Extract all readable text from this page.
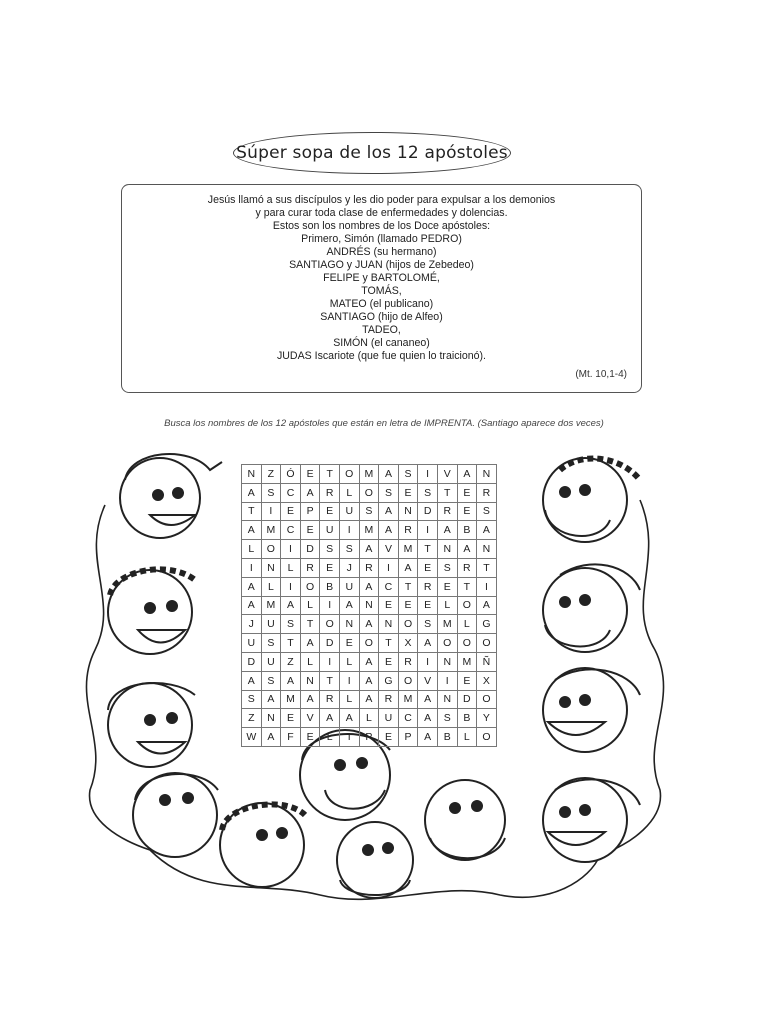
Súper sopa de los 12 apóstoles
Jesús llamó a sus discípulos y les dio poder para expulsar a los demonios
y para curar toda clase de enfermedades y dolencias.
Estos son los nombres de los Doce apóstoles:
Primero, Simón (llamado PEDRO)
ANDRÉS (su hermano)
SANTIAGO y JUAN (hijos de Zebedeo)
FELIPE y BARTOLOMÉ,
TOMÁS,
MATEO (el publicano)
SANTIAGO (hijo de Alfeo)
TADEO,
SIMÓN (el cananeo)
JUDAS Iscariote (que fue quien lo traicionó).
(Mt. 10,1-4)
Busca los nombres de los 12 apóstoles que están en letra de IMPRENTA. (Santiago aparece dos veces)
N	Z	Ó	E	T	O	M	A	S	I	V	A	N
A	S	C	A	R	L	O	S	E	S	T	E	R
T	I	E	P	E	U	S	A	N	D	R	E	S
A	M	C	E	U	I	M	A	R	I	A	B	A
L	O	I	D	S	S	A	V	M	T	N	A	N
I	N	L	R	E	J	R	I	A	E	S	R	T
A	L	I	O	B	U	A	C	T	R	E	T	I
A	M	A	L	I	A	N	E	E	E	L	O	A
J	U	S	T	O	N	A	N	O	S	M	L	G
U	S	T	A	D	E	O	T	X	A	O	O	O
D	U	Z	L	I	L	A	E	R	I	N	M	Ñ
A	S	A	N	T	I	A	G	O	V	I	E	X
S	A	M	A	R	L	A	R	M	A	N	D	O
Z	N	E	V	A	A	L	U	C	A	S	B	Y
W	A	F	E	L	I	P	E	P	A	B	L	O
